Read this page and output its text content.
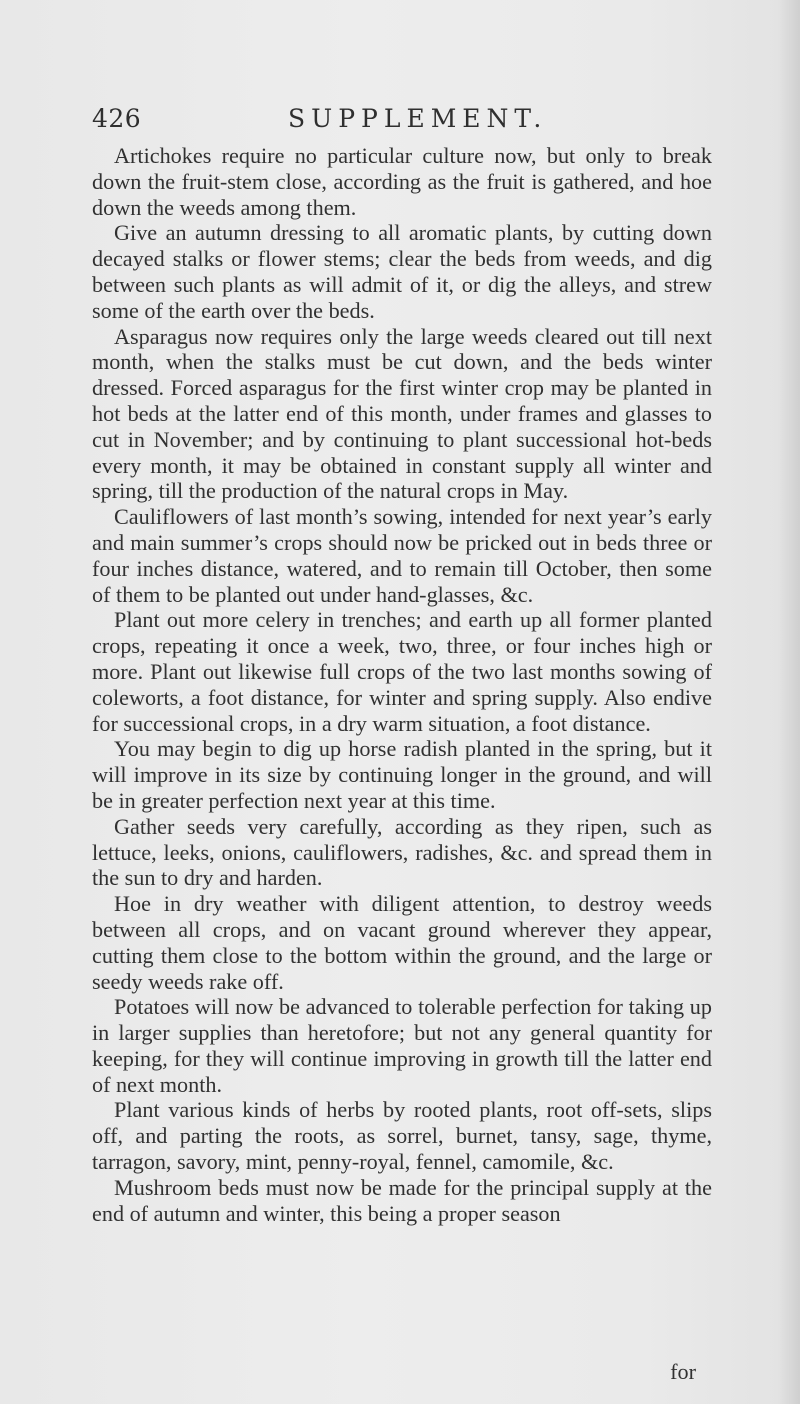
426	SUPPLEMENT.

Artichokes require no particular culture now, but only to break down the fruit-stem close, according as the fruit is gathered, and hoe down the weeds among them.

Give an autumn dressing to all aromatic plants, by cutting down decayed stalks or flower stems; clear the beds from weeds, and dig between such plants as will admit of it, or dig the alleys, and strew some of the earth over the beds.

Asparagus now requires only the large weeds cleared out till next month, when the stalks must be cut down, and the beds winter dressed. Forced asparagus for the first winter crop may be planted in hot beds at the latter end of this month, under frames and glasses to cut in November; and by continuing to plant successional hot-beds every month, it may be obtained in constant supply all winter and spring, till the production of the natural crops in May.

Cauliflowers of last month’s sowing, intended for next year’s early and main summer’s crops should now be pricked out in beds three or four inches distance, watered, and to remain till October, then some of them to be planted out under hand-glasses, &c.

Plant out more celery in trenches; and earth up all former planted crops, repeating it once a week, two, three, or four inches high or more. Plant out likewise full crops of the two last months sowing of coleworts, a foot distance, for winter and spring supply. Also endive for successional crops, in a dry warm situation, a foot distance.

You may begin to dig up horse radish planted in the spring, but it will improve in its size by continuing longer in the ground, and will be in greater perfection next year at this time.

Gather seeds very carefully, according as they ripen, such as lettuce, leeks, onions, cauliflowers, radishes, &c. and spread them in the sun to dry and harden.

Hoe in dry weather with diligent attention, to destroy weeds between all crops, and on vacant ground wherever they appear, cutting them close to the bottom within the ground, and the large or seedy weeds rake off.

Potatoes will now be advanced to tolerable perfection for taking up in larger supplies than heretofore; but not any general quantity for keeping, for they will continue improving in growth till the latter end of next month.

Plant various kinds of herbs by rooted plants, root off-sets, slips off, and parting the roots, as sorrel, burnet, tansy, sage, thyme, tarragon, savory, mint, penny-royal, fennel, camomile, &c.

Mushroom beds must now be made for the principal supply at the end of autumn and winter, this being a proper season

for
